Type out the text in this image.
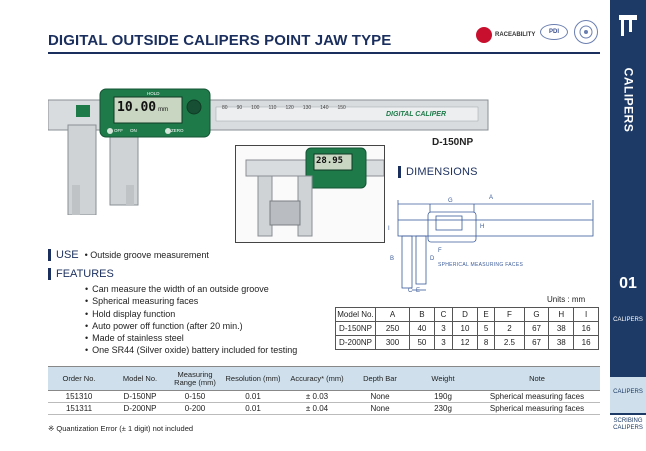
DIGITAL OUTSIDE CALIPERS POINT JAW TYPE	RACEABILITY	PDI
80 90 100 110 120 130 140 150
DIGITAL CALIPER
10.00 mm
HOLD
OFF ON	ZERO
D-150NP
28.95
DIMENSIONS
A
B
C
D
E
F
G
H
I
SPHERICAL MEASURING FACES
USE • Outside groove measurement
FEATURES
• Can measure the width of an outside groove
• Spherical measuring faces
• Hold display function
• Auto power off function (after 20 min.)
• Made of stainless steel
• One SR44 (Silver oxide) battery included for testing
Units : mm
Model No.	A	B	C	D	E	F	G	H	I
D-150NP	250	40	3	10	5	2	67	38	16
D-200NP	300	50	3	12	8	2.5	67	38	16
Order No.	Model No.	Measuring Range (mm)	Resolution (mm)	Accuracy* (mm)	Depth Bar	Weight	Note
151310	D-150NP	0-150	0.01	± 0.03	None	190g	Spherical measuring faces
151311	D-200NP	0-200	0.01	± 0.04	None	230g	Spherical measuring faces
※ Quantization Error (± 1 digit) not included
CALIPERS
01
CALIPERS
CALIPERS
SCRIBING CALIPERS
